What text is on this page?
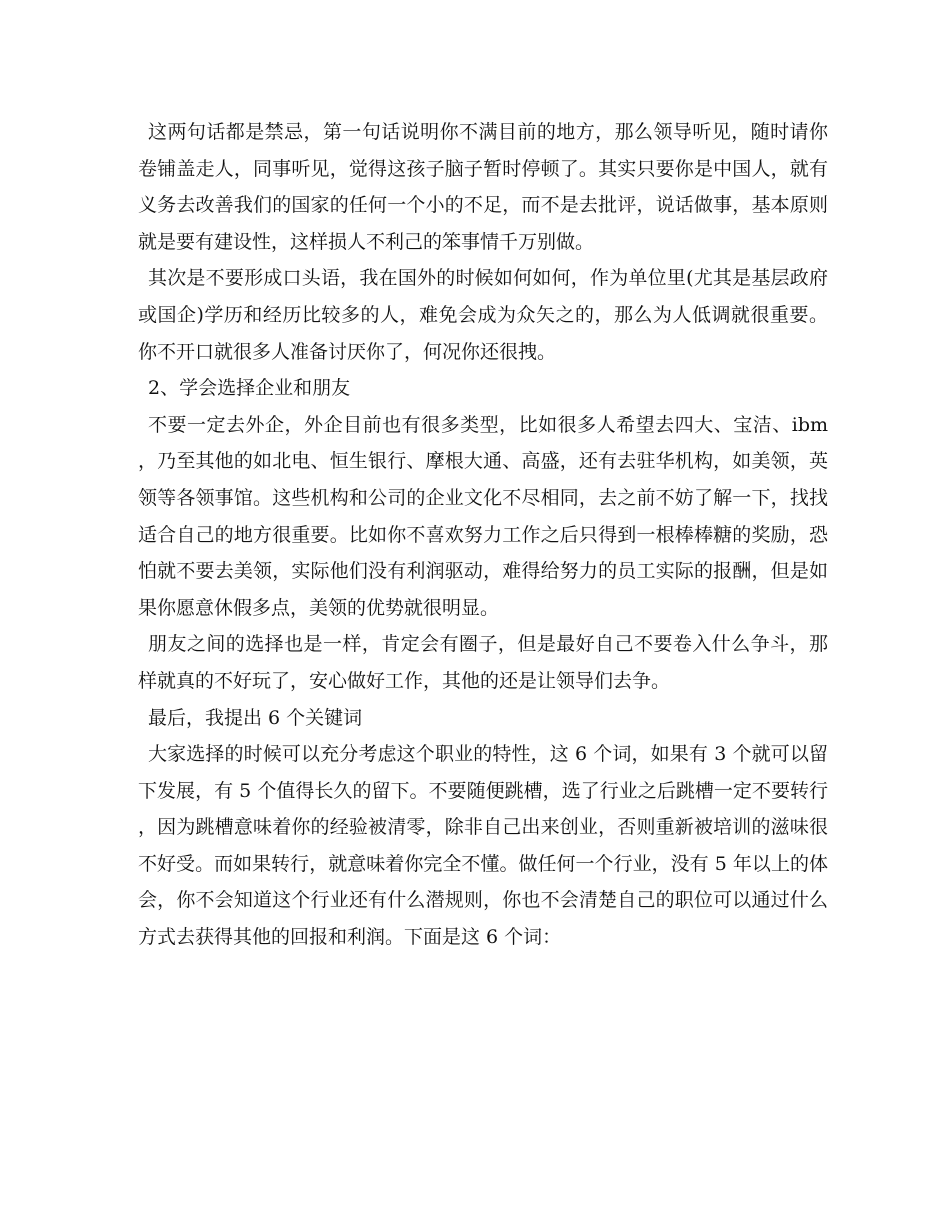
这两句话都是禁忌，第一句话说明你不满目前的地方，那么领导听见，随时请你卷铺盖走人，同事听见，觉得这孩子脑子暂时停顿了。其实只要你是中国人，就有义务去改善我们的国家的任何一个小的不足，而不是去批评，说话做事，基本原则就是要有建设性，这样损人不利己的笨事情千万别做。

其次是不要形成口头语，我在国外的时候如何如何，作为单位里(尤其是基层政府或国企)学历和经历比较多的人，难免会成为众矢之的，那么为人低调就很重要。你不开口就很多人准备讨厌你了，何况你还很拽。

2、学会选择企业和朋友

不要一定去外企，外企目前也有很多类型，比如很多人希望去四大、宝洁、ibm，乃至其他的如北电、恒生银行、摩根大通、高盛，还有去驻华机构，如美领，英领等各领事馆。这些机构和公司的企业文化不尽相同，去之前不妨了解一下，找找适合自己的地方很重要。比如你不喜欢努力工作之后只得到一根棒棒糖的奖励，恐怕就不要去美领，实际他们没有利润驱动，难得给努力的员工实际的报酬，但是如果你愿意休假多点，美领的优势就很明显。

朋友之间的选择也是一样，肯定会有圈子，但是最好自己不要卷入什么争斗，那样就真的不好玩了，安心做好工作，其他的还是让领导们去争。

最后，我提出 6 个关键词

大家选择的时候可以充分考虑这个职业的特性，这 6 个词，如果有 3 个就可以留下发展，有 5 个值得长久的留下。不要随便跳槽，选了行业之后跳槽一定不要转行，因为跳槽意味着你的经验被清零，除非自己出来创业，否则重新被培训的滋味很不好受。而如果转行，就意味着你完全不懂。做任何一个行业，没有 5 年以上的体会，你不会知道这个行业还有什么潜规则，你也不会清楚自己的职位可以通过什么方式去获得其他的回报和利润。下面是这 6 个词：
